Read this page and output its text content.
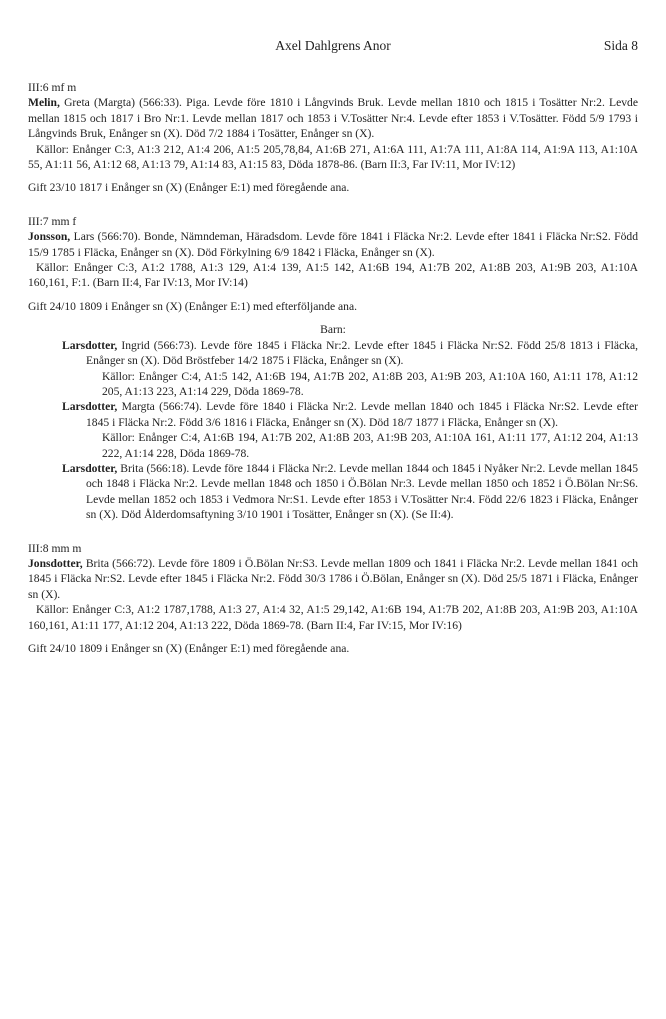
Axel Dahlgrens Anor	Sida 8
III:6 mf m
Melin, Greta (Margta) (566:33). Piga. Levde före 1810 i Långvinds Bruk. Levde mellan 1810 och 1815 i Tosätter Nr:2. Levde mellan 1815 och 1817 i Bro Nr:1. Levde mellan 1817 och 1853 i V.Tosätter Nr:4. Levde efter 1853 i V.Tosätter. Född 5/9 1793 i Långvinds Bruk, Enånger sn (X). Död 7/2 1884 i Tosätter, Enånger sn (X).
Källor: Enånger C:3, A1:3 212, A1:4 206, A1:5 205,78,84, A1:6B 271, A1:6A 111, A1:7A 111, A1:8A 114, A1:9A 113, A1:10A 55, A1:11 56, A1:12 68, A1:13 79, A1:14 83, A1:15 83, Döda 1878-86. (Barn II:3, Far IV:11, Mor IV:12)
Gift 23/10 1817 i Enånger sn (X) (Enånger E:1) med föregående ana.
III:7 mm f
Jonsson, Lars (566:70). Bonde, Nämndeman, Häradsdom. Levde före 1841 i Fläcka Nr:2. Levde efter 1841 i Fläcka Nr:S2. Född 15/9 1785 i Fläcka, Enånger sn (X). Död Förkylning 6/9 1842 i Fläcka, Enånger sn (X).
Källor: Enånger C:3, A1:2 1788, A1:3 129, A1:4 139, A1:5 142, A1:6B 194, A1:7B 202, A1:8B 203, A1:9B 203, A1:10A 160,161, F:1. (Barn II:4, Far IV:13, Mor IV:14)
Gift 24/10 1809 i Enånger sn (X) (Enånger E:1) med efterföljande ana.
Barn:
Larsdotter, Ingrid (566:73). Levde före 1845 i Fläcka Nr:2. Levde efter 1845 i Fläcka Nr:S2. Född 25/8 1813 i Fläcka, Enånger sn (X). Död Bröstfeber 14/2 1875 i Fläcka, Enånger sn (X).
Källor: Enånger C:4, A1:5 142, A1:6B 194, A1:7B 202, A1:8B 203, A1:9B 203, A1:10A 160, A1:11 178, A1:12 205, A1:13 223, A1:14 229, Döda 1869-78.
Larsdotter, Margta (566:74). Levde före 1840 i Fläcka Nr:2. Levde mellan 1840 och 1845 i Fläcka Nr:S2. Levde efter 1845 i Fläcka Nr:2. Född 3/6 1816 i Fläcka, Enånger sn (X). Död 18/7 1877 i Fläcka, Enånger sn (X).
Källor: Enånger C:4, A1:6B 194, A1:7B 202, A1:8B 203, A1:9B 203, A1:10A 161, A1:11 177, A1:12 204, A1:13 222, A1:14 228, Döda 1869-78.
Larsdotter, Brita (566:18). Levde före 1844 i Fläcka Nr:2. Levde mellan 1844 och 1845 i Nyåker Nr:2. Levde mellan 1845 och 1848 i Fläcka Nr:2. Levde mellan 1848 och 1850 i Ö.Bölan Nr:3. Levde mellan 1850 och 1852 i Ö.Bölan Nr:S6. Levde mellan 1852 och 1853 i Vedmora Nr:S1. Levde efter 1853 i V.Tosätter Nr:4. Född 22/6 1823 i Fläcka, Enånger sn (X). Död Ålderdomsaftyning 3/10 1901 i Tosätter, Enånger sn (X). (Se II:4).
III:8 mm m
Jonsdotter, Brita (566:72). Levde före 1809 i Ö.Bölan Nr:S3. Levde mellan 1809 och 1841 i Fläcka Nr:2. Levde mellan 1841 och 1845 i Fläcka Nr:S2. Levde efter 1845 i Fläcka Nr:2. Född 30/3 1786 i Ö.Bölan, Enånger sn (X). Död 25/5 1871 i Fläcka, Enånger sn (X).
Källor: Enånger C:3, A1:2 1787,1788, A1:3 27, A1:4 32, A1:5 29,142, A1:6B 194, A1:7B 202, A1:8B 203, A1:9B 203, A1:10A 160,161, A1:11 177, A1:12 204, A1:13 222, Döda 1869-78. (Barn II:4, Far IV:15, Mor IV:16)
Gift 24/10 1809 i Enånger sn (X) (Enånger E:1) med föregående ana.
